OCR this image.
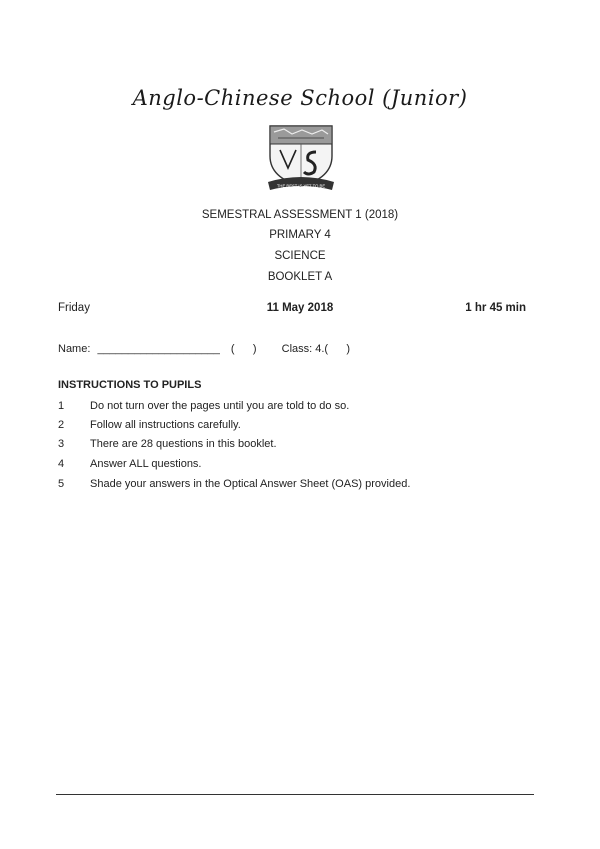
Anglo-Chinese School (Junior)
THE BEST IS YET TO BE
SEMESTRAL ASSESSMENT 1 (2018)
PRIMARY 4
SCIENCE
BOOKLET A
Friday	11 May 2018	1 hr 45 min
Name: ____________________ (      ) Class: 4.(      )
INSTRUCTIONS TO PUPILS
1 Do not turn over the pages until you are told to do so.
2 Follow all instructions carefully.
3 There are 28 questions in this booklet.
4 Answer ALL questions.
5 Shade your answers in the Optical Answer Sheet (OAS) provided.
